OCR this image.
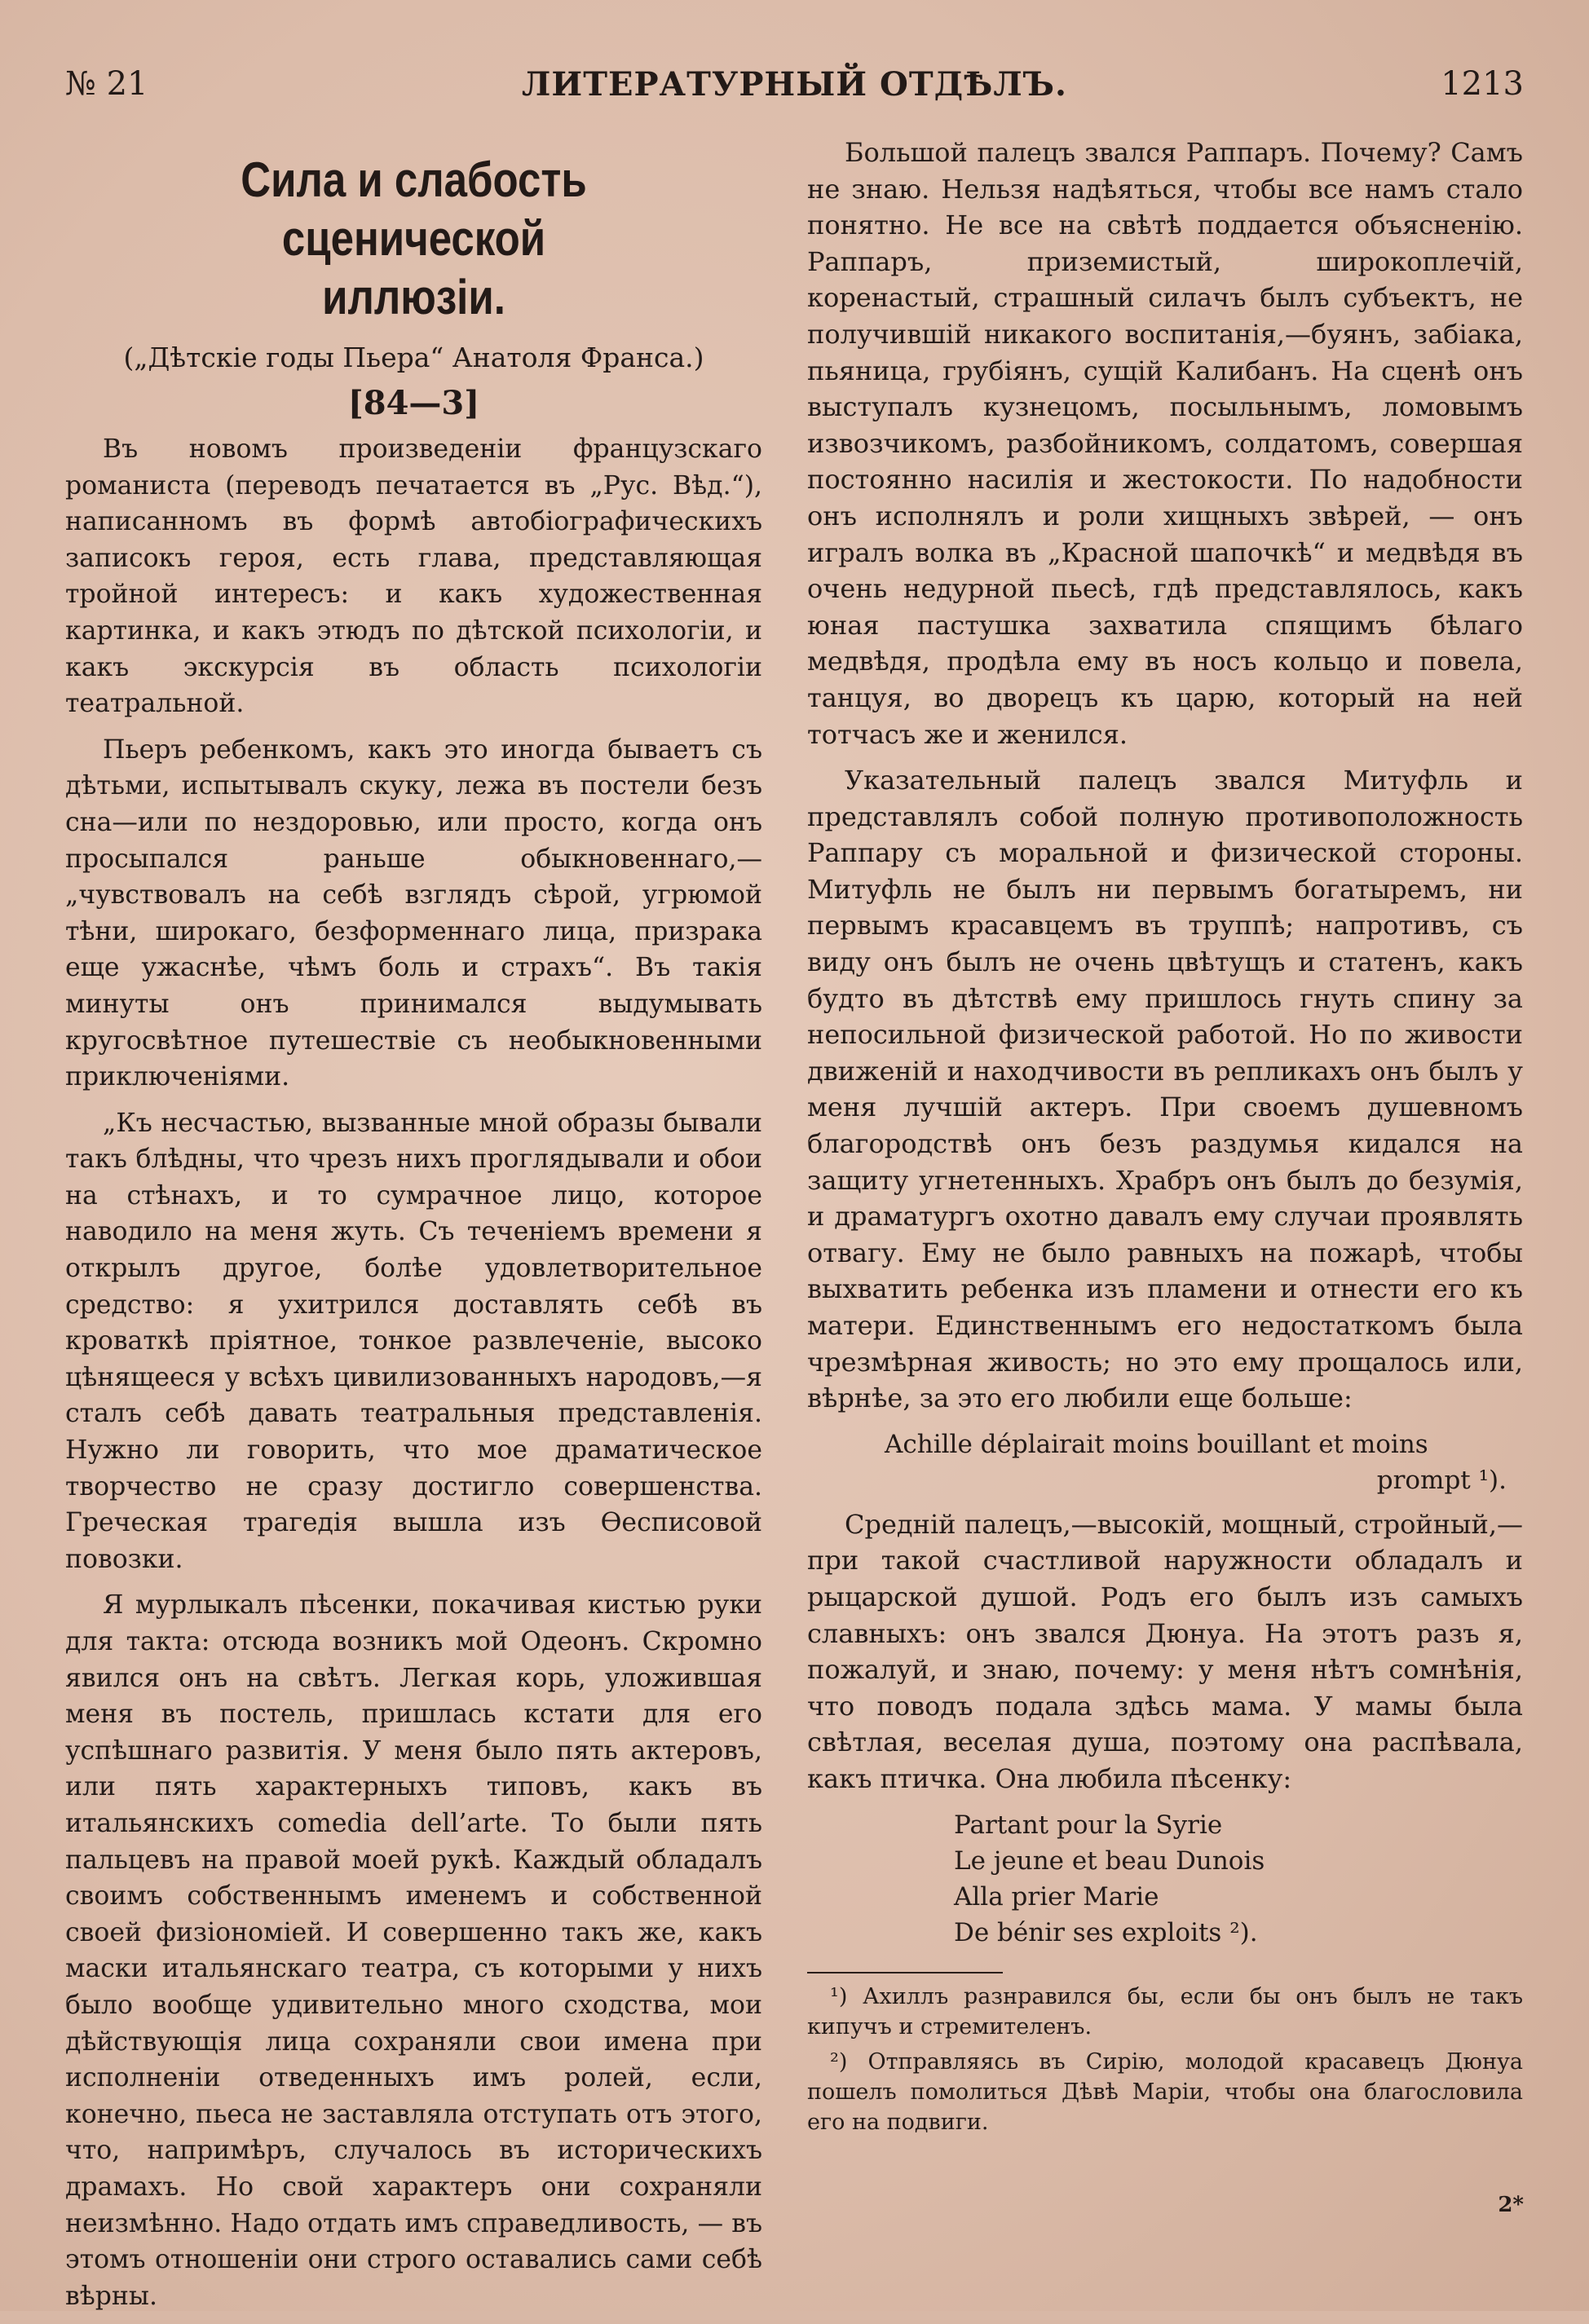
№ 21	ЛИТЕРАТУРНЫЙ ОТДѢЛЪ.	1213
Сила и слабость сценической
иллюзіи.
(„Дѣтскіе годы Пьера“ Анатоля Франса.)
[84—3]

Въ новомъ произведеніи французскаго романиста (переводъ печатается въ „Рус. Вѣд.“), написанномъ въ формѣ автобіографическихъ записокъ героя, есть глава, представляющая тройной интересъ: и какъ художественная картинка, и какъ этюдъ по дѣтской психологіи, и какъ экскурсія въ область психологіи театральной.

Пьеръ ребенкомъ, какъ это иногда бываетъ съ дѣтьми, испытывалъ скуку, лежа въ постели безъ сна—или по нездоровью, или просто, когда онъ просыпался раньше обыкновеннаго,— „чувствовалъ на себѣ взглядъ сѣрой, угрюмой тѣни, широкаго, безформеннаго лица, призрака еще ужаснѣе, чѣмъ боль и страхъ“. Въ такія минуты онъ принимался выдумывать кругосвѣтное путешествіе съ необыкновенными приключеніями.

„Къ несчастью, вызванные мной образы бывали такъ блѣдны, что чрезъ нихъ проглядывали и обои на стѣнахъ, и то сумрачное лицо, которое наводило на меня жуть. Съ теченіемъ времени я открылъ другое, болѣе удовлетворительное средство: я ухитрился доставлять себѣ въ кроваткѣ пріятное, тонкое развлеченіе, высоко цѣнящееся у всѣхъ цивилизованныхъ народовъ,—я сталъ себѣ давать театральныя представленія. Нужно ли говорить, что мое драматическое творчество не сразу достигло совершенства. Греческая трагедія вышла изъ Ѳесписовой повозки.

Я мурлыкалъ пѣсенки, покачивая кистью руки для такта: отсюда возникъ мой Одеонъ. Скромно явился онъ на свѣтъ. Легкая корь, уложившая меня въ постель, пришлась кстати для его успѣшнаго развитія. У меня было пять актеровъ, или пять характерныхъ типовъ, какъ въ итальянскихъ comedia dell’arte. То были пять пальцевъ на правой моей рукѣ. Каждый обладалъ своимъ собственнымъ именемъ и собственной своей физіономіей. И совершенно такъ же, какъ маски итальянскаго театра, съ которыми у нихъ было вообще удивительно много сходства, мои дѣйствующія лица сохраняли свои имена при исполненіи отведенныхъ имъ ролей, если, конечно, пьеса не заставляла отступать отъ этого, что, напримѣръ, случалось въ историческихъ драмахъ. Но свой характеръ они сохраняли неизмѣнно. Надо отдать имъ справедливость, — въ этомъ отношеніи они строго оставались сами себѣ вѣрны.

Большой палецъ звался Раппаръ. Почему? Самъ не знаю. Нельзя надѣяться, чтобы все намъ стало понятно. Не все на свѣтѣ поддается объясненію. Раппаръ, приземистый, широкоплечій, коренастый, страшный силачъ былъ субъектъ, не получившій никакого воспитанія,—буянъ, забіака, пьяница, грубіянъ, сущій Калибанъ. На сценѣ онъ выступалъ кузнецомъ, посыльнымъ, ломовымъ извозчикомъ, разбойникомъ, солдатомъ, совершая постоянно насилія и жестокости. По надобности онъ исполнялъ и роли хищныхъ звѣрей, — онъ игралъ волка въ „Красной шапочкѣ“ и медвѣдя въ очень недурной пьесѣ, гдѣ представлялось, какъ юная пастушка захватила спящимъ бѣлаго медвѣдя, продѣла ему въ носъ кольцо и повела, танцуя, во дворецъ къ царю, который на ней тотчасъ же и женился.

Указательный палецъ звался Митуфль и представлялъ собой полную противоположность Раппару съ моральной и физической стороны. Митуфль не былъ ни первымъ богатыремъ, ни первымъ красавцемъ въ труппѣ; напротивъ, съ виду онъ былъ не очень цвѣтущъ и статенъ, какъ будто въ дѣтствѣ ему пришлось гнуть спину за непосильной физической работой. Но по живости движеній и находчивости въ репликахъ онъ былъ у меня лучшій актеръ. При своемъ душевномъ благородствѣ онъ безъ раздумья кидался на защиту угнетенныхъ. Храбръ онъ былъ до безумія, и драматургъ охотно давалъ ему случаи проявлять отвагу. Ему не было равныхъ на пожарѣ, чтобы выхватить ребенка изъ пламени и отнести его къ матери. Единственнымъ его недостаткомъ была чрезмѣрная живость; но это ему прощалось или, вѣрнѣе, за это его любили еще больше:

Achille déplairait moins bouillant et moins
prompt ¹).

Средній палецъ,—высокій, мощный, стройный,—при такой счастливой наружности обладалъ и рыцарской душой. Родъ его былъ изъ самыхъ славныхъ: онъ звался Дюнуа. На этотъ разъ я, пожалуй, и знаю, почему: у меня нѣтъ сомнѣнія, что поводъ подала здѣсь мама. У мамы была свѣтлая, веселая душа, поэтому она распѣвала, какъ птичка. Она любила пѣсенку:

Partant pour la Syrie
Le jeune et beau Dunois
Alla prier Marie
De bénir ses exploits ²).
¹) Ахиллъ разнравился бы, если бы онъ былъ не такъ кипучъ и стремителенъ.
²) Отправляясь въ Сирію, молодой красавецъ Дюнуа пошелъ помолиться Дѣвѣ Маріи, чтобы она благословила его на подвиги.
2*
